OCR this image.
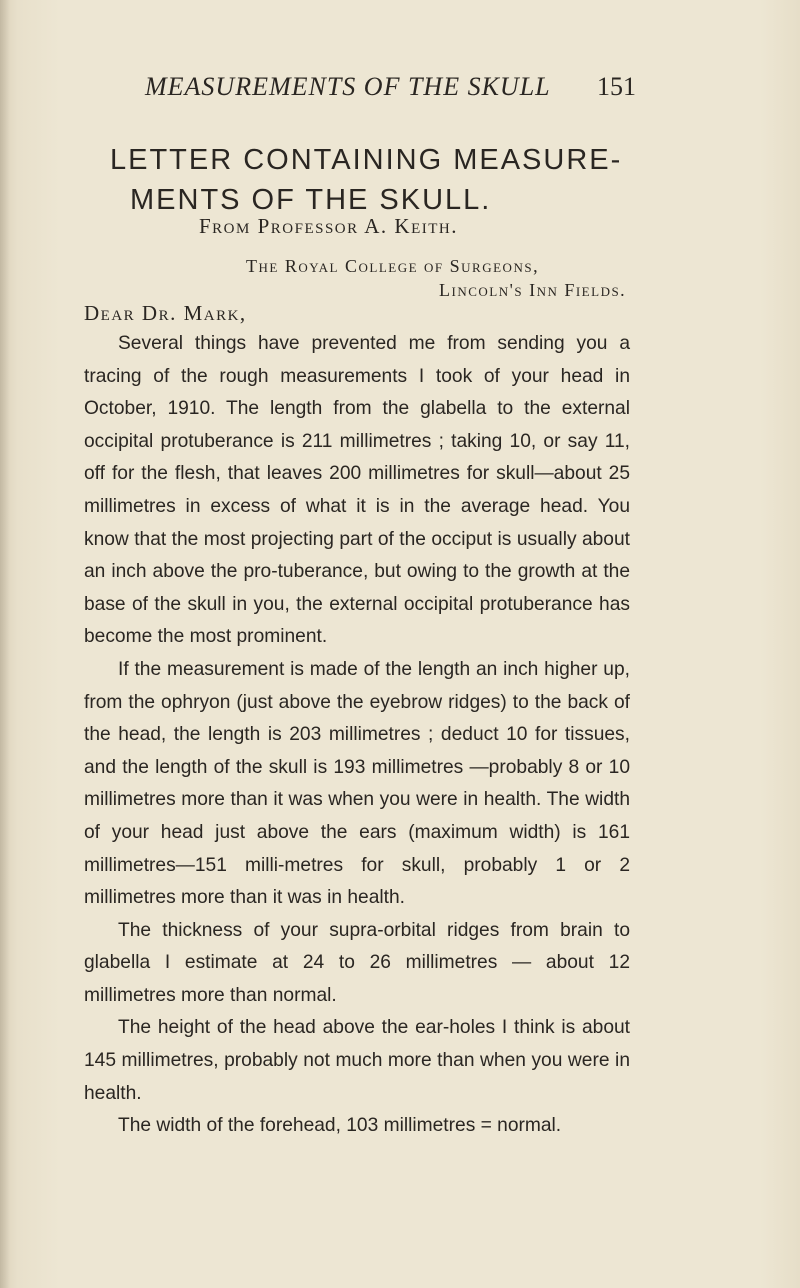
MEASUREMENTS OF THE SKULL 151
LETTER CONTAINING MEASURE-
MENTS OF THE SKULL.
From Professor A. Keith.
The Royal College of Surgeons,
Lincoln's Inn Fields.
Dear Dr. Mark,

Several things have prevented me from sending you a tracing of the rough measurements I took of your head in October, 1910. The length from the glabella to the external occipital protuberance is 211 millimetres ; taking 10, or say 11, off for the flesh, that leaves 200 millimetres for skull—about 25 millimetres in excess of what it is in the average head. You know that the most projecting part of the occiput is usually about an inch above the pro-tuberance, but owing to the growth at the base of the skull in you, the external occipital protuberance has become the most prominent.

If the measurement is made of the length an inch higher up, from the ophryon (just above the eyebrow ridges) to the back of the head, the length is 203 millimetres ; deduct 10 for tissues, and the length of the skull is 193 millimetres —probably 8 or 10 millimetres more than it was when you were in health. The width of your head just above the ears (maximum width) is 161 millimetres—151 milli-metres for skull, probably 1 or 2 millimetres more than it was in health.

The thickness of your supra-orbital ridges from brain to glabella I estimate at 24 to 26 millimetres — about 12 millimetres more than normal.

The height of the head above the ear-holes I think is about 145 millimetres, probably not much more than when you were in health.

The width of the forehead, 103 millimetres = normal.
